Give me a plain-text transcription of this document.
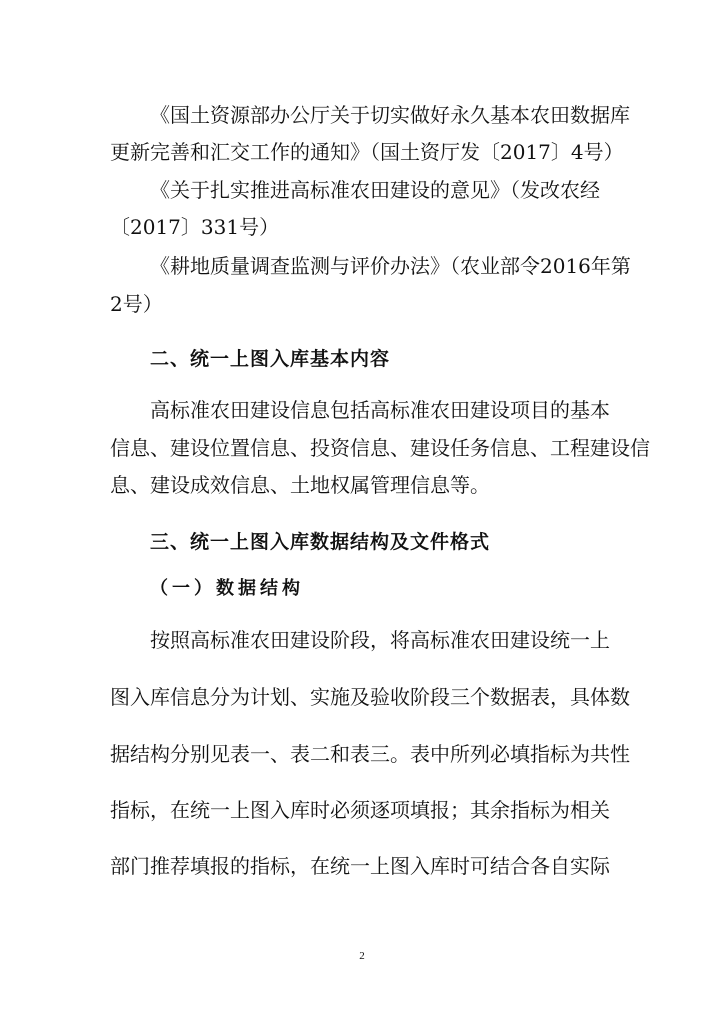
《国土资源部办公厅关于切实做好永久基本农田数据库
更新完善和汇交工作的通知》（国土资厅发〔2017〕4号）
《关于扎实推进高标准农田建设的意见》（发改农经
〔2017〕331号）
《耕地质量调查监测与评价办法》（农业部令2016年第
2号）
二、统一上图入库基本内容
高标准农田建设信息包括高标准农田建设项目的基本
信息、建设位置信息、投资信息、建设任务信息、工程建设信
息、建设成效信息、土地权属管理信息等。
三、统一上图入库数据结构及文件格式
（一）数据结构
按照高标准农田建设阶段，将高标准农田建设统一上
图入库信息分为计划、实施及验收阶段三个数据表，具体数
据结构分别见表一、表二和表三。表中所列必填指标为共性
指标，在统一上图入库时必须逐项填报；其余指标为相关
部门推荐填报的指标，在统一上图入库时可结合各自实际
2
